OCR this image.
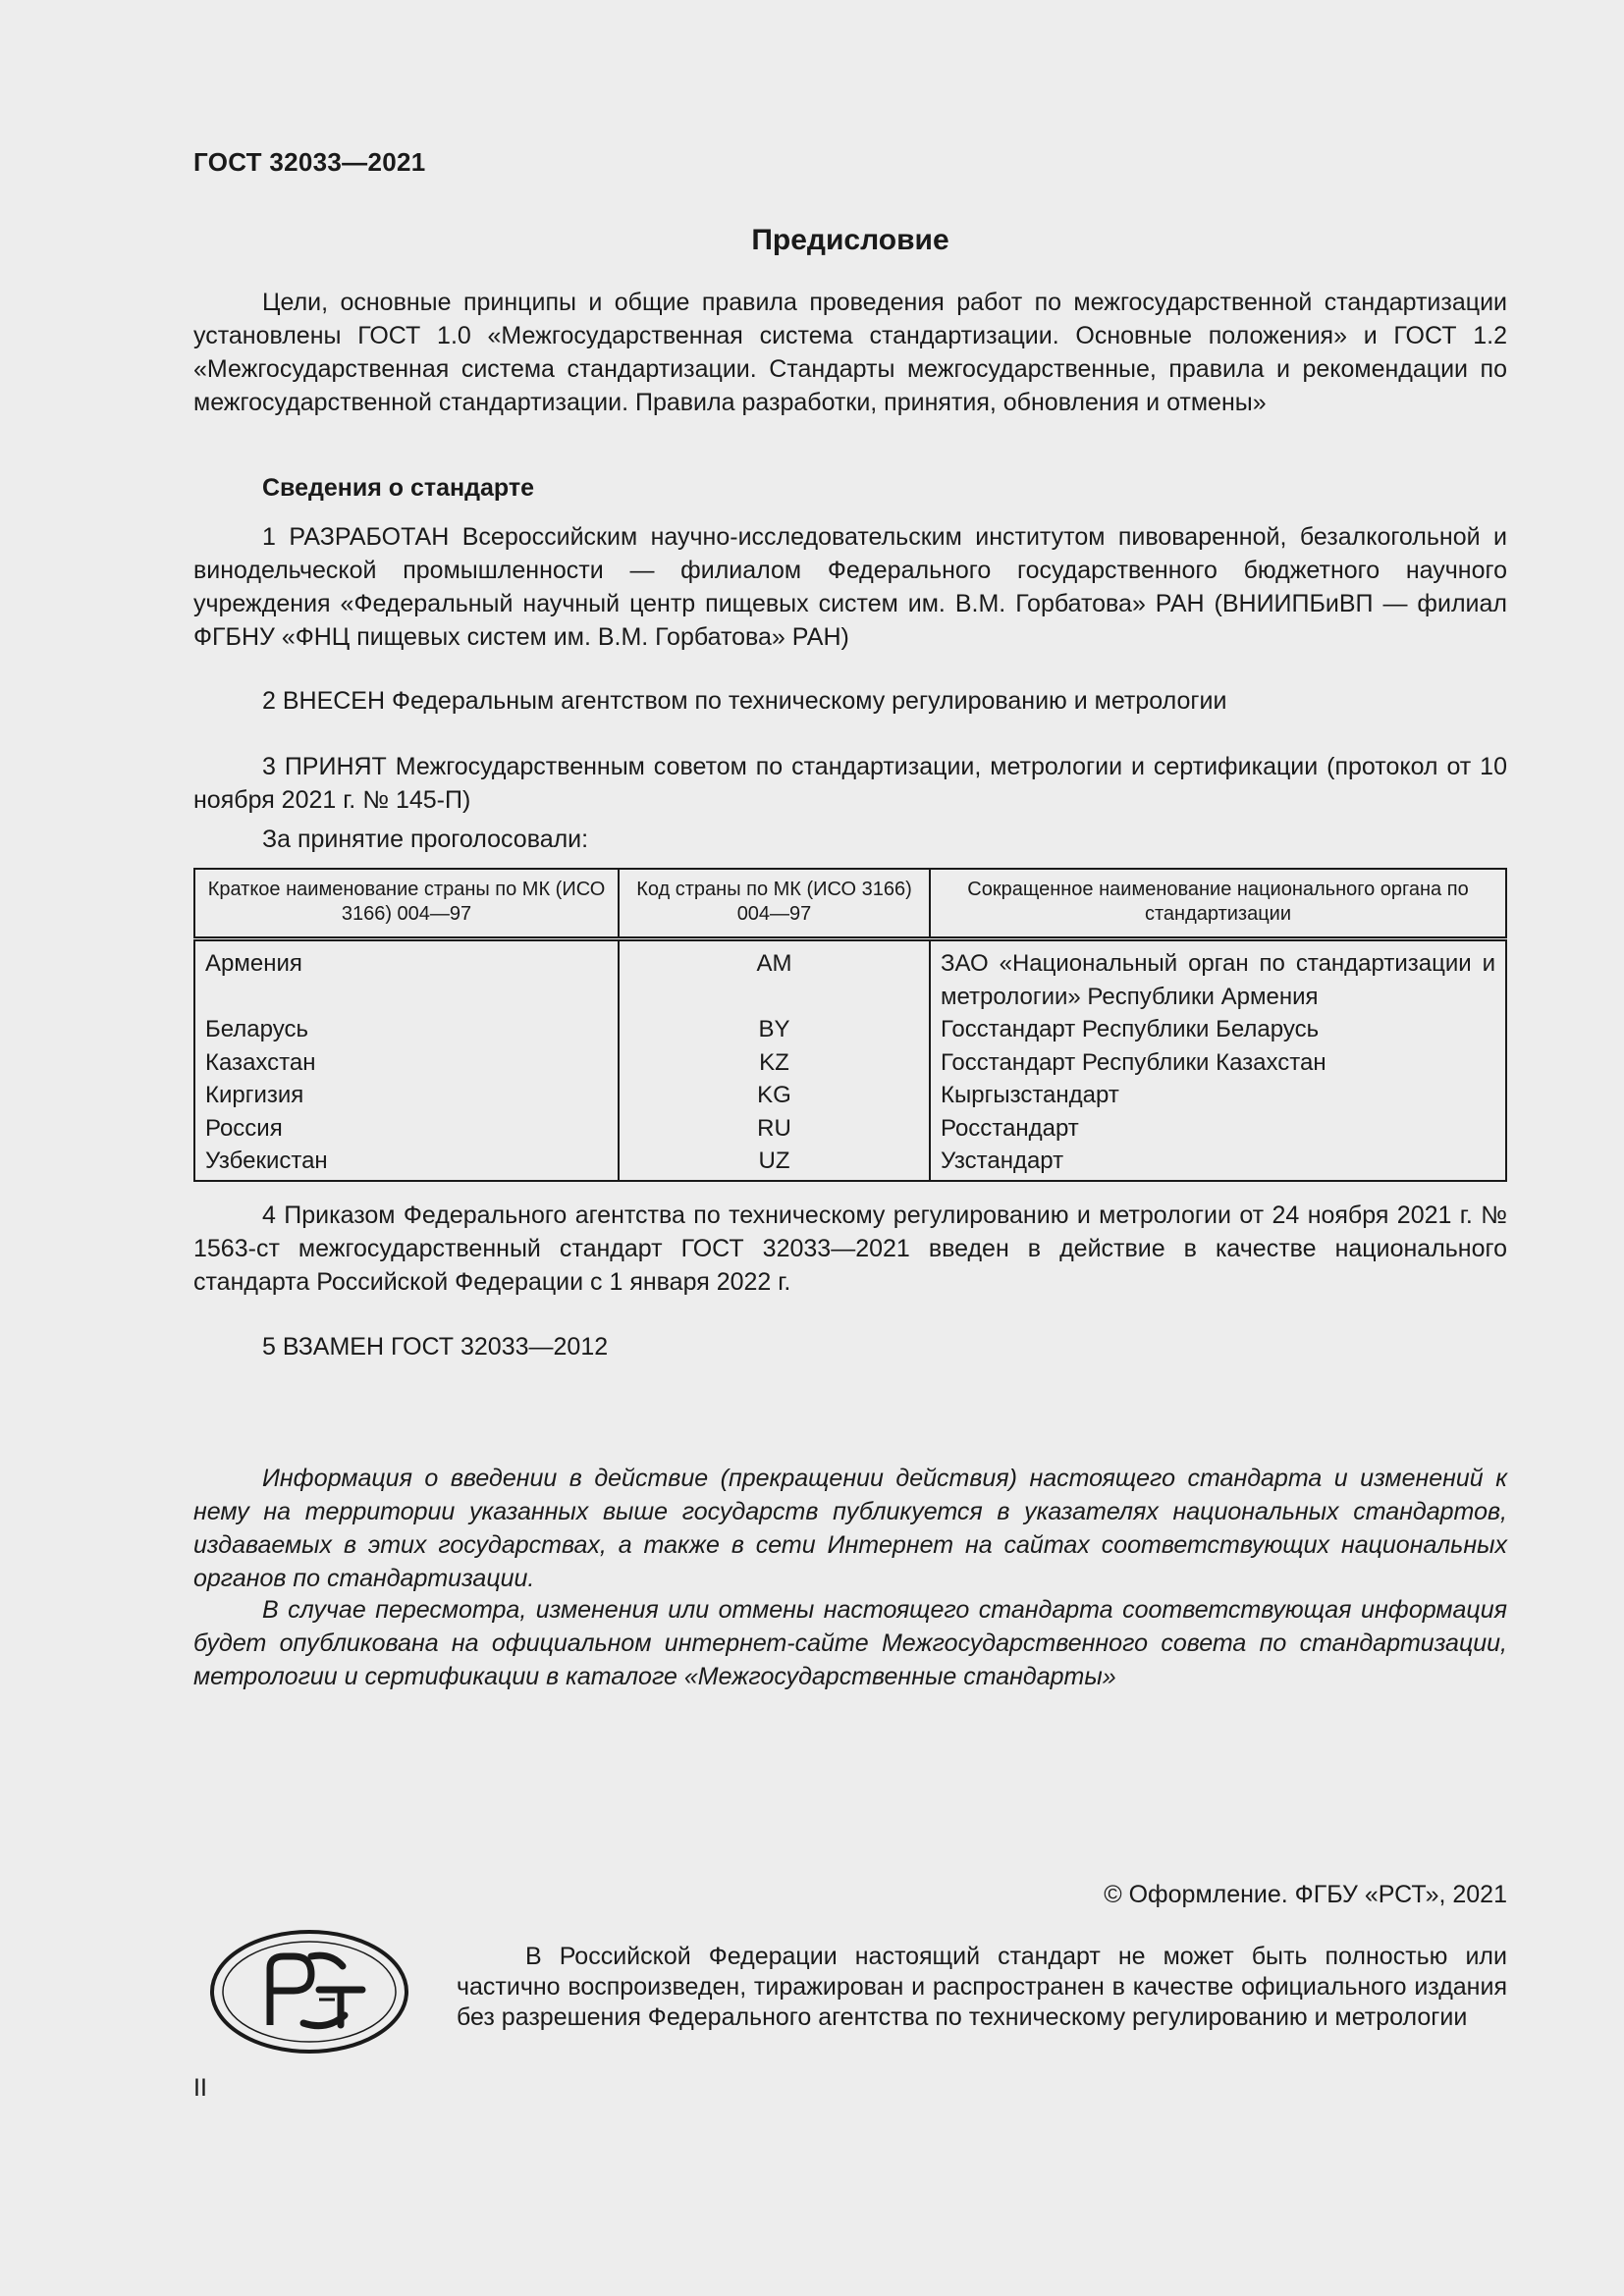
ГОСТ 32033—2021
Предисловие
Цели, основные принципы и общие правила проведения работ по межгосударственной стандартизации установлены ГОСТ 1.0 «Межгосударственная система стандартизации. Основные положения» и ГОСТ 1.2 «Межгосударственная система стандартизации. Стандарты межгосударственные, правила и рекомендации по межгосударственной стандартизации. Правила разработки, принятия, обновления и отмены»
Сведения о стандарте
1 РАЗРАБОТАН Всероссийским научно-исследовательским институтом пивоваренной, безалкогольной и винодельческой промышленности — филиалом Федерального государственного бюджетного научного учреждения «Федеральный научный центр пищевых систем им. В.М. Горбатова» РАН (ВНИИПБиВП — филиал ФГБНУ «ФНЦ пищевых систем им. В.М. Горбатова» РАН)
2 ВНЕСЕН Федеральным агентством по техническому регулированию и метрологии
3 ПРИНЯТ Межгосударственным советом по стандартизации, метрологии и сертификации (протокол от 10 ноября 2021 г. № 145-П)
За принятие проголосовали:
Краткое наименование страны по МК (ИСО 3166) 004—97	Код страны по МК (ИСО 3166) 004—97	Сокращенное наименование национального органа по стандартизации
Армения	AM	ЗАО «Национальный орган по стандартизации и метрологии» Республики Армения
Беларусь	BY	Госстандарт Республики Беларусь
Казахстан	KZ	Госстандарт Республики Казахстан
Киргизия	KG	Кыргызстандарт
Россия	RU	Росстандарт
Узбекистан	UZ	Узстандарт
4 Приказом Федерального агентства по техническому регулированию и метрологии от 24 ноября 2021 г. № 1563-ст межгосударственный стандарт ГОСТ 32033—2021 введен в действие в качестве национального стандарта Российской Федерации с 1 января 2022 г.
5 ВЗАМЕН ГОСТ 32033—2012
Информация о введении в действие (прекращении действия) настоящего стандарта и изменений к нему на территории указанных выше государств публикуется в указателях национальных стандартов, издаваемых в этих государствах, а также в сети Интернет на сайтах соответствующих национальных органов по стандартизации.
В случае пересмотра, изменения или отмены настоящего стандарта соответствующая информация будет опубликована на официальном интернет-сайте Межгосударственного совета по стандартизации, метрологии и сертификации в каталоге «Межгосударственные стандарты»
© Оформление. ФГБУ «РСТ», 2021
В Российской Федерации настоящий стандарт не может быть полностью или частично воспроизведен, тиражирован и распространен в качестве официального издания без разрешения Федерального агентства по техническому регулированию и метрологии
II
